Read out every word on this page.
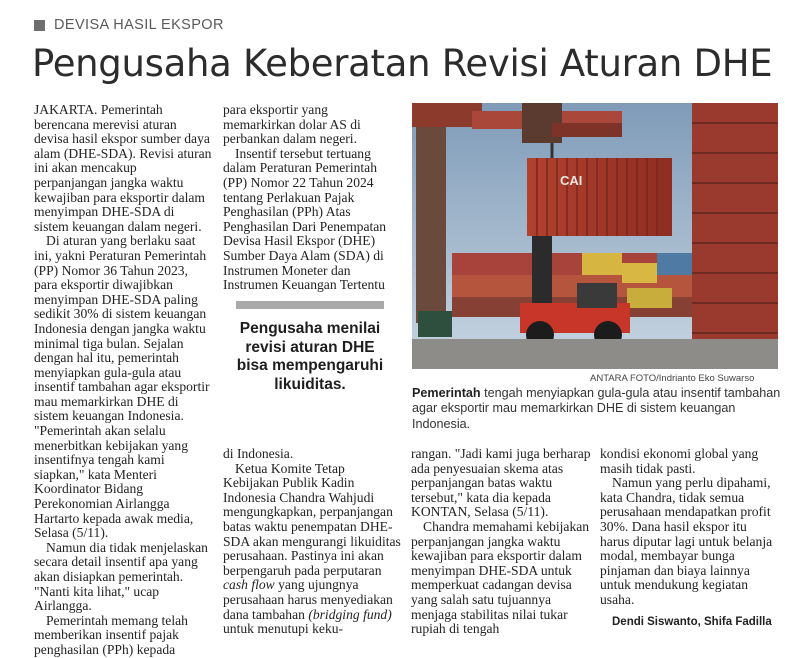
DEVISA HASIL EKSPOR
Pengusaha Keberatan Revisi Aturan DHE

JAKARTA. Pemerintah berencana merevisi aturan devisa hasil ekspor sumber daya alam (DHE-SDA). Revisi aturan ini akan mencakup perpanjangan jangka waktu kewajiban para eksportir dalam menyimpan DHE-SDA di sistem keuangan dalam negeri.

Di aturan yang berlaku saat ini, yakni Peraturan Pemerintah (PP) Nomor 36 Tahun 2023, para eksportir diwajibkan menyimpan DHE-SDA paling sedikit 30% di sistem keuangan Indonesia dengan jangka waktu minimal tiga bulan. Sejalan dengan hal itu, pemerintah menyiapkan gula-gula atau insentif tambahan agar eksportir mau memarkirkan DHE di sistem keuangan Indonesia. "Pemerintah akan selalu menerbitkan kebijakan yang insentifnya tengah kami siapkan," kata Menteri Koordinator Bidang Perekonomian Airlangga Hartarto kepada awak media, Selasa (5/11).

Namun dia tidak menjelaskan secara detail insentif apa yang akan disiapkan pemerintah. "Nanti kita lihat," ucap Airlangga.

Pemerintah memang telah memberikan insentif pajak penghasilan (PPh) kepada

para eksportir yang memarkirkan dolar AS di perbankan dalam negeri.

Insentif tersebut tertuang dalam Peraturan Pemerintah (PP) Nomor 22 Tahun 2024 tentang Perlakuan Pajak Penghasilan (PPh) Atas Penghasilan Dari Penempatan Devisa Hasil Ekspor (DHE) Sumber Daya Alam (SDA) di Instrumen Moneter dan Instrumen Keuangan Tertentu

Pengusaha menilai revisi aturan DHE bisa mempengaruhi likuiditas.

di Indonesia.

Ketua Komite Tetap Kebijakan Publik Kadin Indonesia Chandra Wahjudi mengungkapkan, perpanjangan batas waktu penempatan DHE-SDA akan mengurangi likuiditas perusahaan. Pastinya ini akan berpengaruh pada perputaran cash flow yang ujungnya perusahaan harus menyediakan dana tambahan (bridging fund) untuk menutupi keku-

rangan. "Jadi kami juga berharap ada penyesuaian skema atas perpanjangan batas waktu tersebut," kata dia kepada KONTAN, Selasa (5/11).

Chandra memahami kebijakan perpanjangan jangka waktu kewajiban para eksportir dalam menyimpan DHE-SDA untuk memperkuat cadangan devisa yang salah satu tujuannya menjaga stabilitas nilai tukar rupiah di tengah

kondisi ekonomi global yang masih tidak pasti.

Namun yang perlu dipahami, kata Chandra, tidak semua perusahaan mendapatkan profit 30%. Dana hasil ekspor itu harus diputar lagi untuk belanja modal, membayar bunga pinjaman dan biaya lainnya untuk mendukung kegiatan usaha.

CAI
ANTARA FOTO/Indrianto Eko Suwarso
Pemerintah tengah menyiapkan gula-gula atau insentif tambahan agar eksportir mau memarkirkan DHE di sistem keuangan Indonesia.
Dendi Siswanto, Shifa Fadilla
